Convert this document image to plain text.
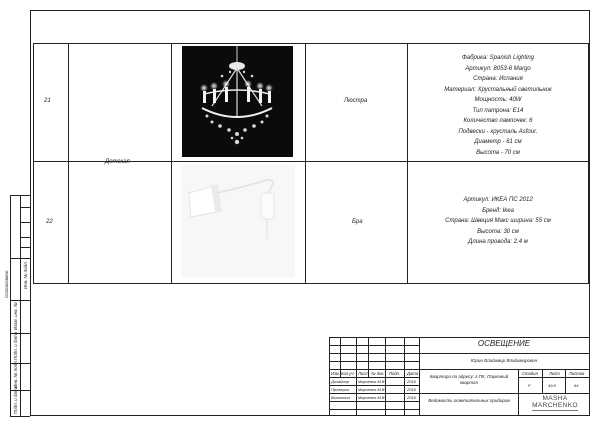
Согласовано
Взам. инв. №
Подп. и дата
Инв. № подл.
Подп. и дата
Инв. № подл.
21	Люстра
Фабрика: Spanish Lighting
Артикул: 8053-6 Margo
Страна: Испания
Материал: Хрустальный светильник
Мощность: 40W
Тип патрона: E14
Количество лампочек: 6
Подвески - хрусталь Asfour.
Диаметр - 61 см
Высота - 70 см
Детская
22	Бра
Артикул: ИКЕА ПС 2012
Бренд: Ikea
Страна: Швеция Макс ширина: 55 см
Высота: 30 см
Длина провода: 2.4 м
ОСВЕЩЕНИЕ
Юрин Владимир Владимирович
Изм. Кол.уч. Лист № док. Подп. Дата
Дизайнер Марченко М.В.	2016
Проверил Марченко М.В.	2016
Выполнил Марченко М.В.	2016
Квартира по адресу: г.ПК, Парковый квартал
Стадия	Лист Листов
Р	49.8	64
Ведомость осветительных приборов	MASHA MARCHENKO
